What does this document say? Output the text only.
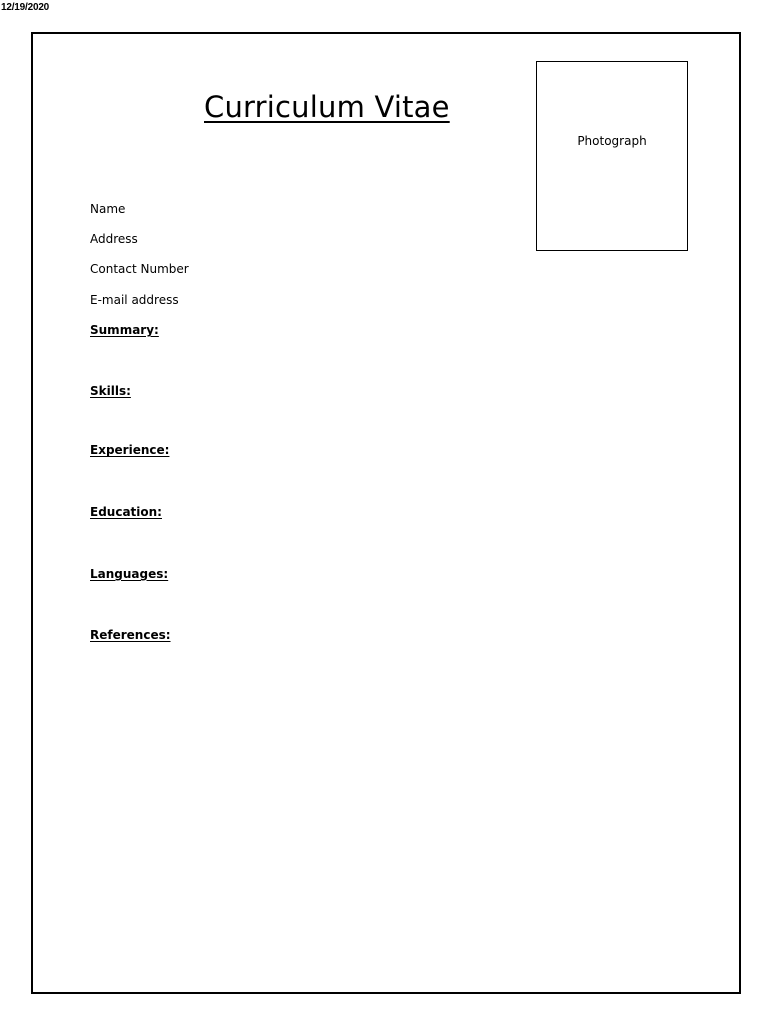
12/19/2020
Curriculum Vitae
Photograph
Name
Address
Contact Number
E-mail address
Summary:
Skills:
Experience:
Education:
Languages:
References:
